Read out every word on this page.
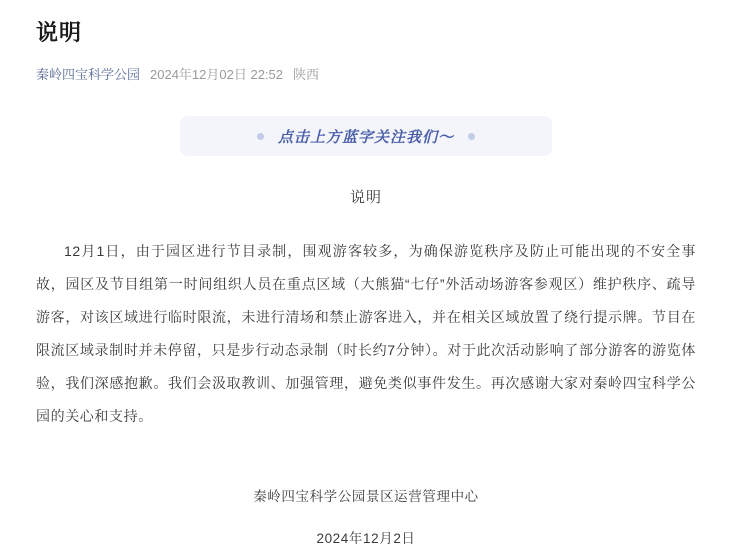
说明
秦岭四宝科学公园 2024年12月02日 22:52 陕西
点击上方蓝字关注我们～
说明
12月1日，由于园区进行节目录制，围观游客较多，为确保游览秩序及防止可能出现的不安全事故，园区及节目组第一时间组织人员在重点区域（大熊猫“七仔”外活动场游客参观区）维护秩序、疏导游客，对该区域进行临时限流，未进行清场和禁止游客进入，并在相关区域放置了绕行提示牌。节目在限流区域录制时并未停留，只是步行动态录制（时长约7分钟）。对于此次活动影响了部分游客的游览体验，我们深感抱歉。我们会汲取教训、加强管理，避免类似事件发生。再次感谢大家对秦岭四宝科学公园的关心和支持。
秦岭四宝科学公园景区运营管理中心
2024年12月2日
